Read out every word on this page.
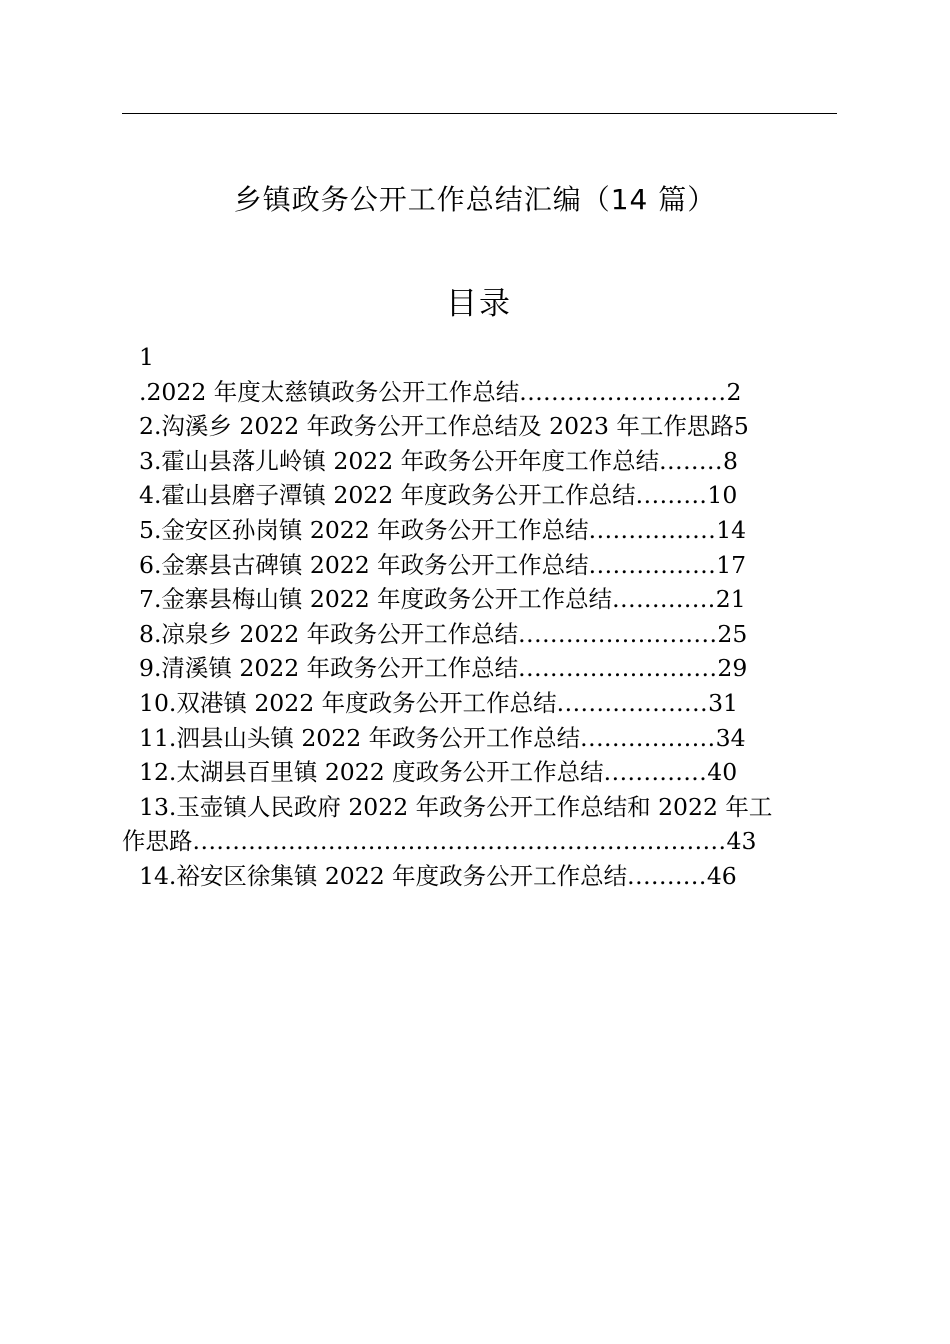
乡镇政务公开工作总结汇编（14 篇）
目录
1
.2022 年度太慈镇政务公开工作总结..........................2
2.沟溪乡 2022 年政务公开工作总结及 2023 年工作思路5
3.霍山县落儿岭镇 2022 年政务公开年度工作总结........8
4.霍山县磨子潭镇 2022 年度政务公开工作总结.........10
5.金安区孙岗镇 2022 年政务公开工作总结................14
6.金寨县古碑镇 2022 年政务公开工作总结................17
7.金寨县梅山镇 2022 年度政务公开工作总结.............21
8.凉泉乡 2022 年政务公开工作总结.........................25
9.清溪镇 2022 年政务公开工作总结.........................29
10.双港镇 2022 年度政务公开工作总结...................31
11.泗县山头镇 2022 年政务公开工作总结.................34
12.太湖县百里镇 2022 度政务公开工作总结.............40
13.玉壶镇人民政府 2022 年政务公开工作总结和 2022 年工
作思路...................................................................43
14.裕安区徐集镇 2022 年度政务公开工作总结..........46
